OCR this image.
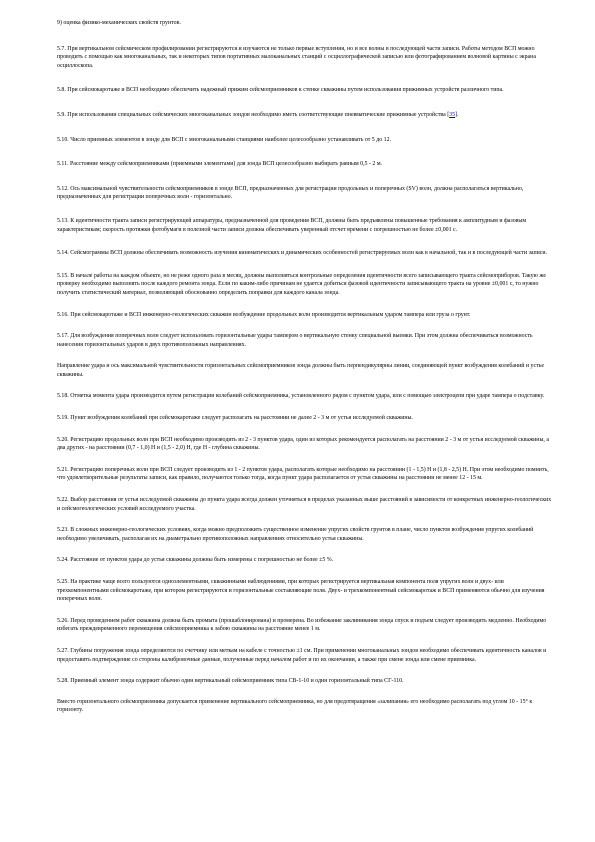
9) оценка физико-механических свойств грунтов.

5.7. При вертикальном сейсмическом профилировании регистрируются и изучаются не только первые вступления, но и все волны в последующей части записи. Работы методом ВСП можно проводить с помощью как многоканальных, так и некоторых типов портативных малоканальных станций с осциллографической записью или фотографированием волновой картины с экрана осциллоскопа.

5.8. При сейсмокаротаже и ВСП необходимо обеспечить надежный прижим сейсмоприемников к стенке скважины путем использования прижимных устройств различного типа.

5.9. При использовании специальных сейсмических многоканальных зондов необходимо иметь соответствующие пневматические прижимные устройства [35].

5.10. Число приемных элементов в зонде для ВСП с многоканальными станциями наиболее целесообразно устанавливать от 5 до 12.

5.11. Расстояние между сейсмоприемниками (приемными элементами) для зонда ВСП целесообразно выбирать равным 0,5 - 2 м.

5.12. Ось максимальной чувствительности сейсмоприемников в зонде ВСП, предназначенных для регистрации продольных и поперечных (SV) волн, должна располагаться вертикально, предназначенных для регистрации поперечных волн - горизонтально.

5.13. К идентичности тракта записи регистрирующей аппаратуры, предназначенной для проведения ВСП, должны быть предъявлены повышенные требования к амплитудным и фазовым характеристикам; скорость протяжки фотобумаги в полезной части записи должна обеспечивать уверенный отсчет времени с погрешностью не более ±0,001 с.

5.14. Сейсмограммы ВСП должны обеспечивать возможность изучения кинематических и динамических особенностей регистрируемых волн как в начальной, так и в последующей части записи.

5.15. В начале работы на каждом объекте, но не реже одного раза в месяц, должны выполняться контрольные определения идентичности всего записывающего тракта сейсмоприборов. Такую же проверку необходимо выполнять после каждого ремонта зонда. Если по каким-либо причинам не удается добиться фазовой идентичности записывающего тракта на уровне ±0,001 с, то нужно получить статистический материал, позволяющий обоснованно определить поправки для каждого канала зонда.

5.16. При сейсмокаротаже и ВСП инженерно-геологических скважин возбуждение продольных волн производится вертикальным ударом тампера или груза о грунт.

5.17. Для возбуждения поперечных волн следует использовать горизонтальные удары тампером о вертикальную стенку специальной выемки. При этом должна обеспечиваться возможность нанесения горизонтальных ударов в двух противоположных направлениях.

Направление удара и ось максимальной чувствительности горизонтальных сейсмоприемников зонда должны быть перпендикулярны линии, соединяющей пункт возбуждения колебаний и устье скважины.

5.18. Отметка момента удара производится путем регистрации колебаний сейсмоприемника, установленного рядом с пунктом удара, или с помощью электроцепи при ударе тампера о подставку.

5.19. Пункт возбуждения колебаний при сейсмокаротаже следует располагать на расстоянии не далее 2 - 3 м от устья исследуемой скважины.

5.20. Регистрацию продольных волн при ВСП необходимо производить из 2 - 3 пунктов удара, один из которых рекомендуется располагать на расстоянии 2 - 3 м от устья исследуемой скважины, а два других - на расстоянии (0,7 - 1,0) Н и (1,5 - 2,0) Н, где Н - глубина скважины.

5.21. Регистрацию поперечных волн при ВСП следует производить из 1 - 2 пунктов удара, располагать которые необходимо на расстоянии (1 - 1,5) Н и (1,8 - 2,5) Н. При этом необходимо помнить, что удовлетворительные результаты записи, как правило, получаются только тогда, когда пункт удара располагается от устья скважины на расстоянии не менее 12 - 15 м.

5.22. Выбор расстояния от устья исследуемой скважины до пункта удара всегда должен уточняться в пределах указанных выше расстояний в зависимости от конкретных инженерно-геологических и сейсмогеологических условий исследуемого участка.

5.23. В сложных инженерно-геологических условиях, когда можно предположить существенное изменение упругих свойств грунтов в плане, число пунктов возбуждения упругих колебаний необходимо увеличивать, располагая их на диаметрально противоположных направлениях относительно устья скважины.

5.24. Расстояние от пунктов удара до устья скважины должны быть измерены с погрешностью не более ±5 %.

5.25. На практике чаще всего пользуются одноэлементными, скважинными наблюдениями, при которых регистрируется вертикальная компонента поля упругих волн и двух- или трехкомпонентными сейсмокаротаже, при котором регистрируются и горизонтальные составляющие поля. Двух- и трехкомпонентный сейсмокаротаж и ВСП применяются обычно для изучения поперечных волн.

5.26. Перед проведением работ скважина должна быть промыта (прошаблонирована) и промерена. Во избежание заклинивания зонда спуск и подъем следует производить медленно. Необходимо избегать преждевременного перемещения сейсмоприемника к забою скважины на расстояние менее 1 м.

5.27. Глубины погружения зонда определяются по счетчику или меткам на кабеле с точностью ±1 см. При применении многоканальных зондов необходимо обеспечивать идентичность каналов и предоставить подтверждение со стороны калибровочные данные, полученные перед началом работ и по их окончании, а также при смене зонда или смене приемника.

5.28. Приемный элемент зонда содержит обычно один вертикальный сейсмоприемник типа СВ-1-10 и один горизонтальный типа СГ-110.

Вместо горизонтального сейсмоприемника допускается применение вертикального сейсмоприемника, но для предотвращения «залипания» его необходимо располагать под углом 10 - 15° к горизонту.
